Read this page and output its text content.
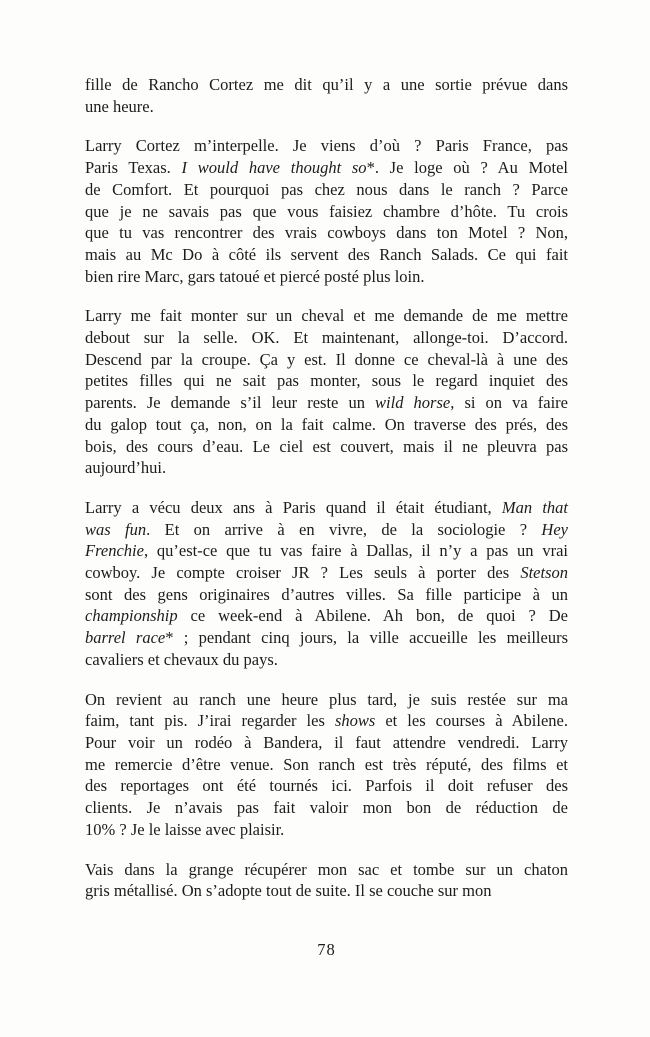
fille de Rancho Cortez me dit qu’il y a une sortie prévue dans
une heure.
Larry Cortez m’interpelle. Je viens d’où ? Paris France, pas
Paris Texas. I would have thought so*. Je loge où ? Au Motel
de Comfort. Et pourquoi pas chez nous dans le ranch ? Parce
que je ne savais pas que vous faisiez chambre d’hôte. Tu crois
que tu vas rencontrer des vrais cowboys dans ton Motel ? Non,
mais au Mc Do à côté ils servent des Ranch Salads. Ce qui fait
bien rire Marc, gars tatoué et piercé posté plus loin.
Larry me fait monter sur un cheval et me demande de me mettre
debout sur la selle. OK. Et maintenant, allonge-toi. D’accord.
Descend par la croupe. Ça y est. Il donne ce cheval-là à une des
petites filles qui ne sait pas monter, sous le regard inquiet des
parents. Je demande s’il leur reste un wild horse, si on va faire
du galop tout ça, non, on la fait calme. On traverse des prés, des
bois, des cours d’eau. Le ciel est couvert, mais il ne pleuvra pas
aujourd’hui.
Larry a vécu deux ans à Paris quand il était étudiant, Man that
was fun. Et on arrive à en vivre, de la sociologie ? Hey
Frenchie, qu’est-ce que tu vas faire à Dallas, il n’y a pas un vrai
cowboy. Je compte croiser JR ? Les seuls à porter des Stetson
sont des gens originaires d’autres villes. Sa fille participe à un
championship ce week-end à Abilene. Ah bon, de quoi ? De
barrel race* ; pendant cinq jours, la ville accueille les meilleurs
cavaliers et chevaux du pays.
On revient au ranch une heure plus tard, je suis restée sur ma
faim, tant pis. J’irai regarder les shows et les courses à Abilene.
Pour voir un rodéo à Bandera, il faut attendre vendredi. Larry
me remercie d’être venue. Son ranch est très réputé, des films et
des reportages ont été tournés ici. Parfois il doit refuser des
clients. Je n’avais pas fait valoir mon bon de réduction de
10% ? Je le laisse avec plaisir.
Vais dans la grange récupérer mon sac et tombe sur un chaton
gris métallisé. On s’adopte tout de suite. Il se couche sur mon
78
